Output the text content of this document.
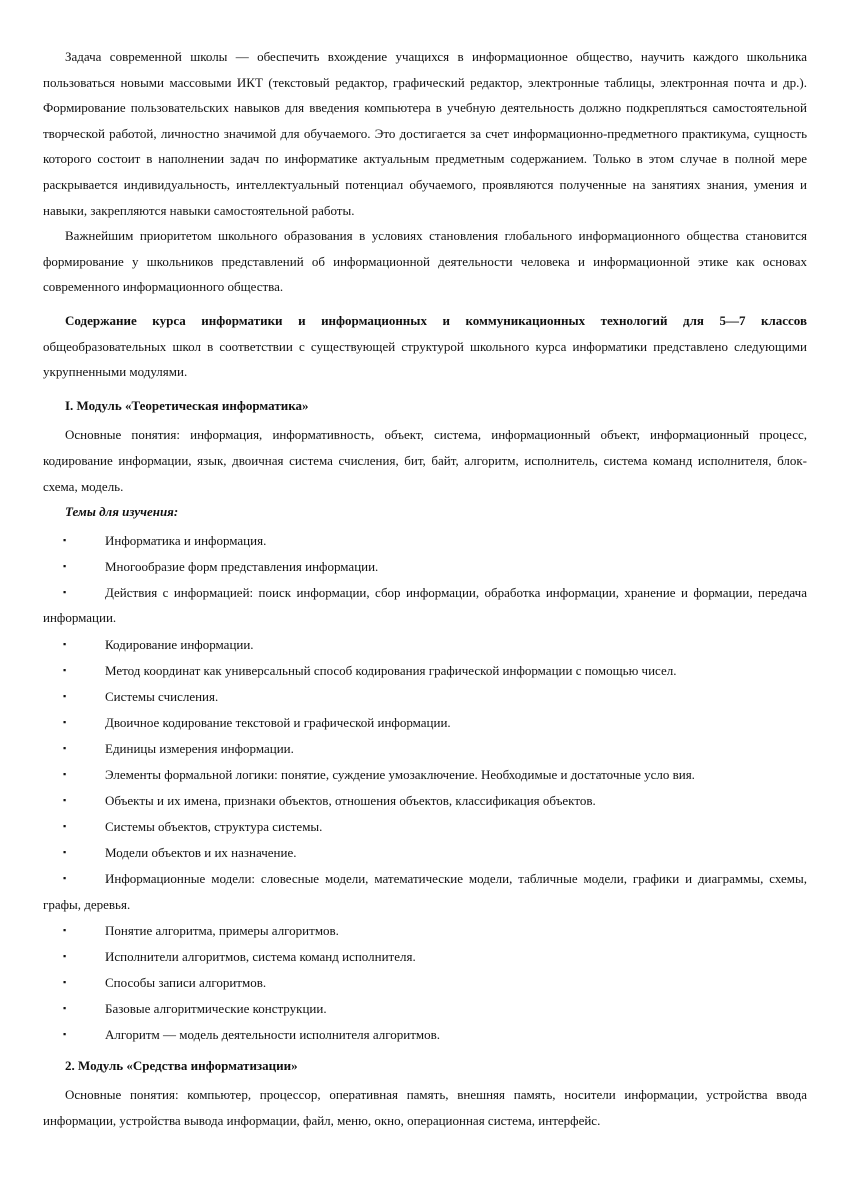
Задача современной школы — обеспечить вхождение учащихся в информационное общество, научить каждого школьника пользоваться новыми массовыми ИКТ (текстовый редактор, графический редактор, электронные таблицы, электронная почта и др.). Формирование пользовательских навыков для введения компьютера в учебную деятельность должно подкрепляться самостоятельной творческой работой, личностно значимой для обучаемого. Это достигается за счет информационно-предметного практикума, сущность которого состоит в наполнении задач по информатике актуальным предметным содержанием. Только в этом случае в полной мере раскрывается индивидуальность, интеллектуальный потенциал обучаемого, проявляются полученные на занятиях знания, умения и навыки, закрепляются навыки самостоятельной работы.

Важнейшим приоритетом школьного образования в условиях становления глобального информационного общества становится формирование у школьников представлений об информационной деятельности человека и информационной этике как основах современного информационного общества.

Содержание курса информатики и информационных и коммуникационных технологий для 5—7 классов общеобразовательных школ в соответствии с существующей структурой школьного курса информатики представлено следующими укрупненными модулями.

I. Модуль «Теоретическая информатика»

Основные понятия: информация, информативность, объект, система, информационный объект, информационный процесс, кодирование информации, язык, двоичная система счисления, бит, байт, алгоритм, исполнитель, система команд исполнителя, блок-схема, модель.

Темы для изучения:

▪	Информатика и информация.
▪	Многообразие форм представления информации.
▪	Действия с информацией: поиск информации, сбор информации, обработка информации, хранение и формации, передача информации.
▪	Кодирование информации.
▪	Метод координат как универсальный способ кодирования графической информации с помощью чисел.
▪	Системы счисления.
▪	Двоичное кодирование текстовой и графической информации.
▪	Единицы измерения информации.
▪	Элементы формальной логики: понятие, суждение умозаключение. Необходимые и достаточные усло вия.
▪	Объекты и их имена, признаки объектов, отношения объектов, классификация объектов.
▪	Системы объектов, структура системы.
▪	Модели объектов и их назначение.
▪	Информационные модели: словесные модели, математические модели, табличные модели, графики и диаграммы, схемы, графы, деревья.
▪	Понятие алгоритма, примеры алгоритмов.
▪	Исполнители алгоритмов, система команд исполнителя.
▪	Способы записи алгоритмов.
▪	Базовые алгоритмические конструкции.
▪	Алгоритм — модель деятельности исполнителя алгоритмов.

2. Модуль «Средства информатизации»

Основные понятия: компьютер, процессор, оперативная память, внешняя память, носители информации, устройства ввода информации, устройства вывода информации, файл, меню, окно, операционная система, интерфейс.
